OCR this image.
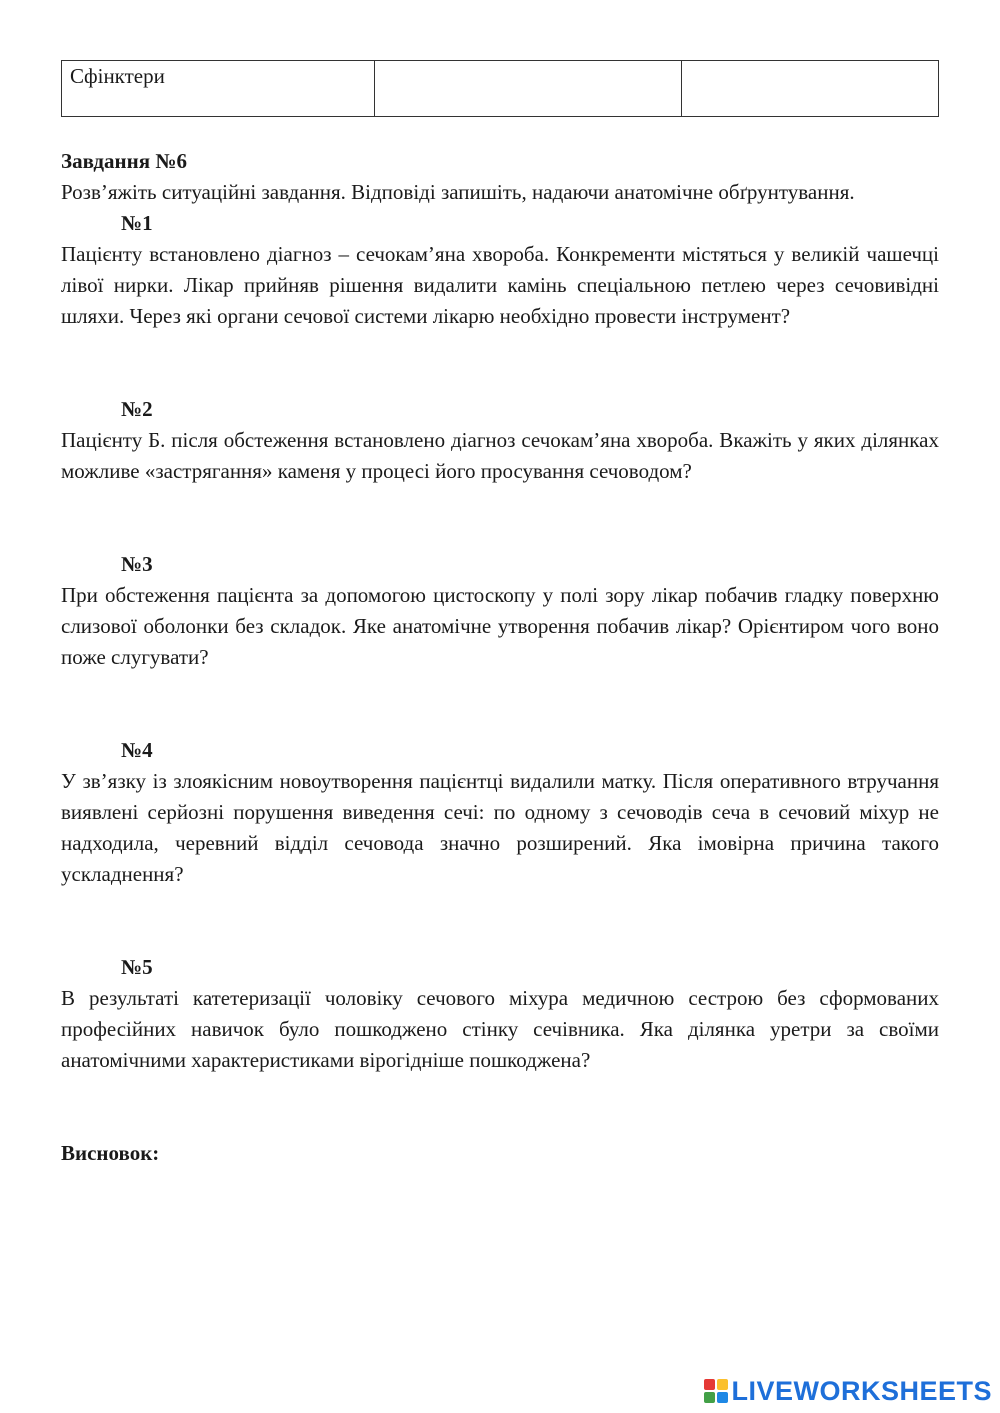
Сфінктери		
Завдання №6

Розв’яжіть ситуаційні завдання. Відповіді запишіть, надаючи анатомічне обґрунтування.

№1

Пацієнту встановлено діагноз – сечокам’яна хвороба. Конкременти містяться у великій чашечці лівої нирки. Лікар прийняв рішення видалити камінь спеціальною петлею через сечовивідні шляхи. Через які органи сечової системи лікарю необхідно провести інструмент?

№2

Пацієнту Б. після обстеження встановлено діагноз сечокам’яна хвороба. Вкажіть у яких ділянках можливе «застрягання» каменя у процесі його просування сечоводом?

№3

При обстеження пацієнта за допомогою цистоскопу у полі зору лікар побачив гладку поверхню слизової оболонки без складок. Яке анатомічне утворення побачив лікар? Орієнтиром чого воно поже слугувати?

№4

У зв’язку із злоякісним новоутворення пацієнтці видалили матку. Після оперативного втручання виявлені серйозні порушення виведення сечі: по одному з сечоводів сеча в сечовий міхур не надходила, черевний відділ сечовода значно розширений. Яка імовірна причина такого ускладнення?

№5

В результаті катетеризації чоловіку сечового міхура медичною сестрою без сформованих професійних навичок було пошкоджено стінку сечівника. Яка ділянка уретри за своїми анатомічними характеристиками вірогідніше пошкоджена?

Висновок:
LIVEWORKSHEETS
